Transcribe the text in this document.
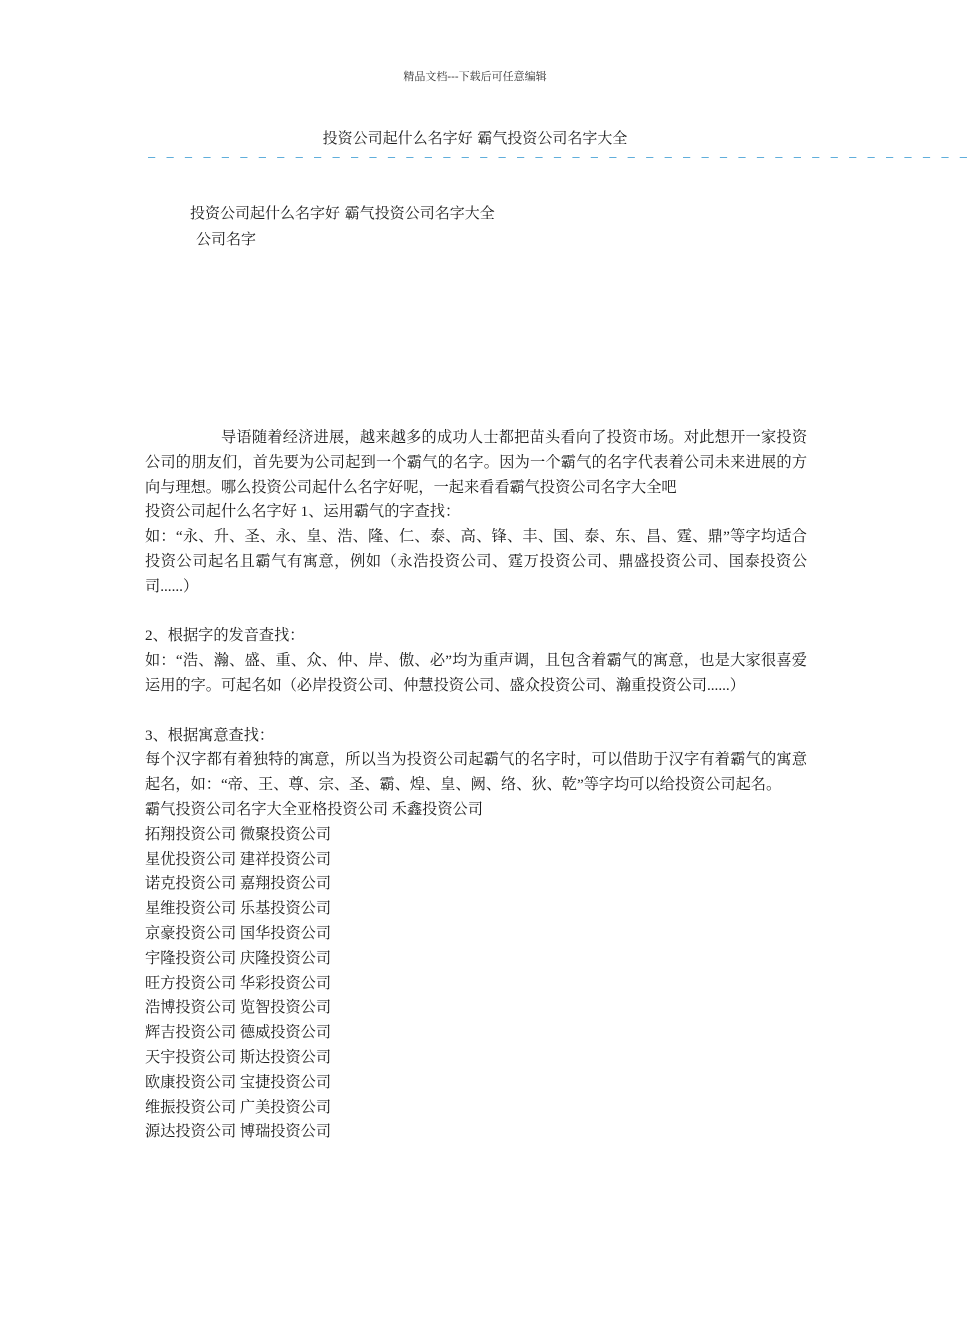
精品文档---下载后可任意编辑
投资公司起什么名字好 霸气投资公司名字大全
— — — — — — — — — — — — — — — — — — — — — — — — — — — — — — — — — — — — — — — — — — — — —
投资公司起什么名字好 霸气投资公司名字大全
公司名字

导语随着经济进展，越来越多的成功人士都把苗头看向了投资市场。对此想开一家投资公司的朋友们，首先要为公司起到一个霸气的名字。因为一个霸气的名字代表着公司未来进展的方向与理想。哪么投资公司起什么名字好呢，一起来看看霸气投资公司名字大全吧

投资公司起什么名字好 1、运用霸气的字查找：

如：“永、升、圣、永、皇、浩、隆、仁、泰、高、锋、丰、国、泰、东、昌、霆、鼎”等字均适合投资公司起名且霸气有寓意，例如（永浩投资公司、霆万投资公司、鼎盛投资公司、国泰投资公司......）

2、根据字的发音查找：

如：“浩、瀚、盛、重、众、仲、岸、傲、必”均为重声调，且包含着霸气的寓意，也是大家很喜爱运用的字。可起名如（必岸投资公司、仲慧投资公司、盛众投资公司、瀚重投资公司......）

3、根据寓意查找：

每个汉字都有着独特的寓意，所以当为投资公司起霸气的名字时，可以借助于汉字有着霸气的寓意起名，如：“帝、王、尊、宗、圣、霸、煌、皇、阙、络、狄、乾”等字均可以给投资公司起名。

霸气投资公司名字大全亚格投资公司 禾鑫投资公司

拓翔投资公司 微聚投资公司

星优投资公司 建祥投资公司

诺克投资公司 嘉翔投资公司

星维投资公司 乐基投资公司

京豪投资公司 国华投资公司

宇隆投资公司 庆隆投资公司

旺方投资公司 华彩投资公司

浩博投资公司 览智投资公司

辉吉投资公司 德威投资公司

天宇投资公司 斯达投资公司

欧康投资公司 宝捷投资公司

维振投资公司 广美投资公司

源达投资公司 博瑞投资公司
